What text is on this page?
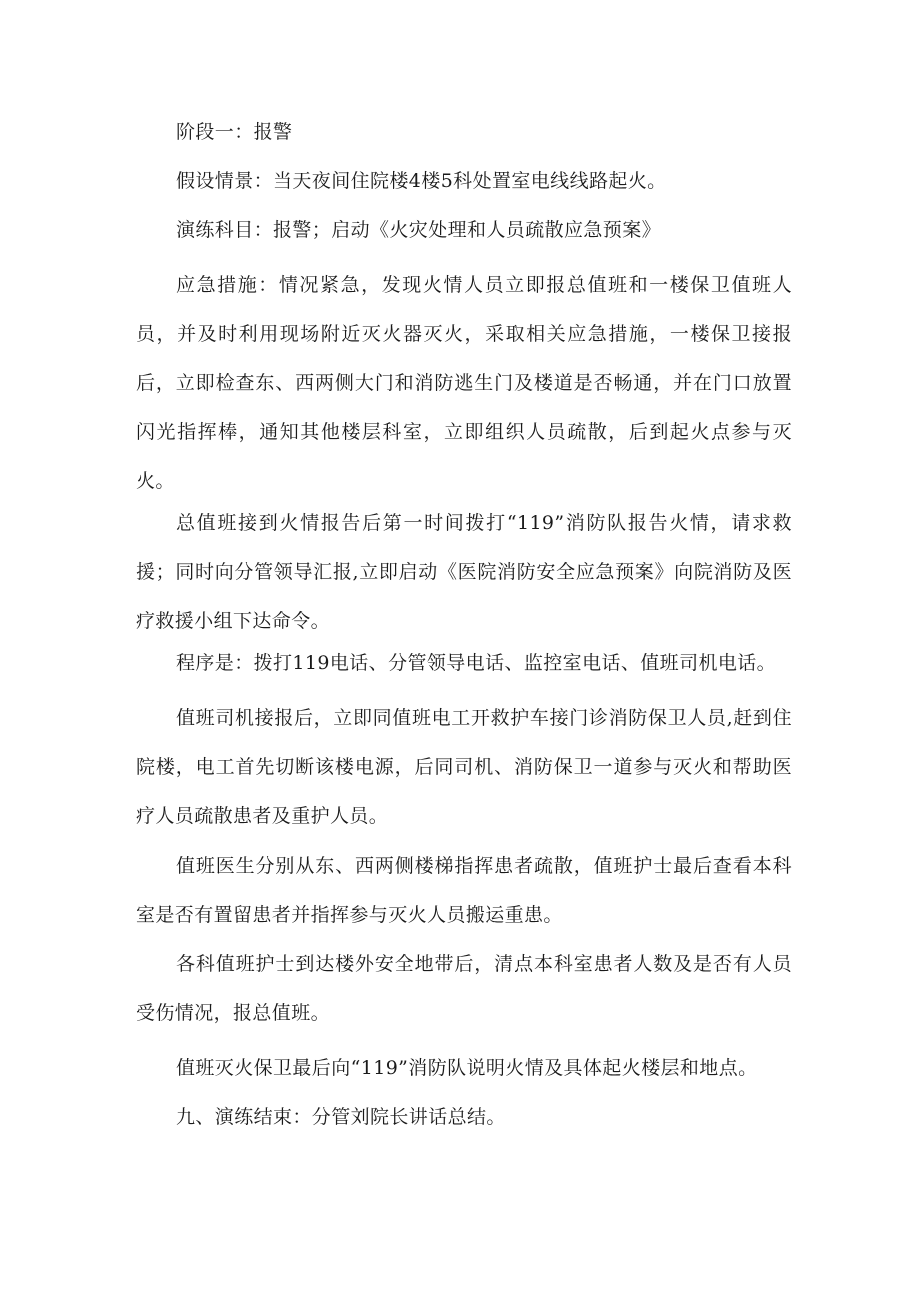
阶段一：报警

假设情景：当天夜间住院楼4楼5科处置室电线线路起火。

演练科目：报警；启动《火灾处理和人员疏散应急预案》

应急措施：情况紧急，发现火情人员立即报总值班和一楼保卫值班人员，并及时利用现场附近灭火器灭火，采取相关应急措施，一楼保卫接报后，立即检查东、西两侧大门和消防逃生门及楼道是否畅通，并在门口放置闪光指挥棒，通知其他楼层科室，立即组织人员疏散，后到起火点参与灭火。

总值班接到火情报告后第一时间拨打“119”消防队报告火情，请求救援；同时向分管领导汇报,立即启动《医院消防安全应急预案》向院消防及医疗救援小组下达命令。

程序是：拨打119电话、分管领导电话、监控室电话、值班司机电话。

值班司机接报后，立即同值班电工开救护车接门诊消防保卫人员,赶到住院楼，电工首先切断该楼电源，后同司机、消防保卫一道参与灭火和帮助医疗人员疏散患者及重护人员。

值班医生分别从东、西两侧楼梯指挥患者疏散，值班护士最后查看本科室是否有置留患者并指挥参与灭火人员搬运重患。

各科值班护士到达楼外安全地带后，清点本科室患者人数及是否有人员受伤情况，报总值班。

值班灭火保卫最后向“119”消防队说明火情及具体起火楼层和地点。

九、演练结束：分管刘院长讲话总结。
